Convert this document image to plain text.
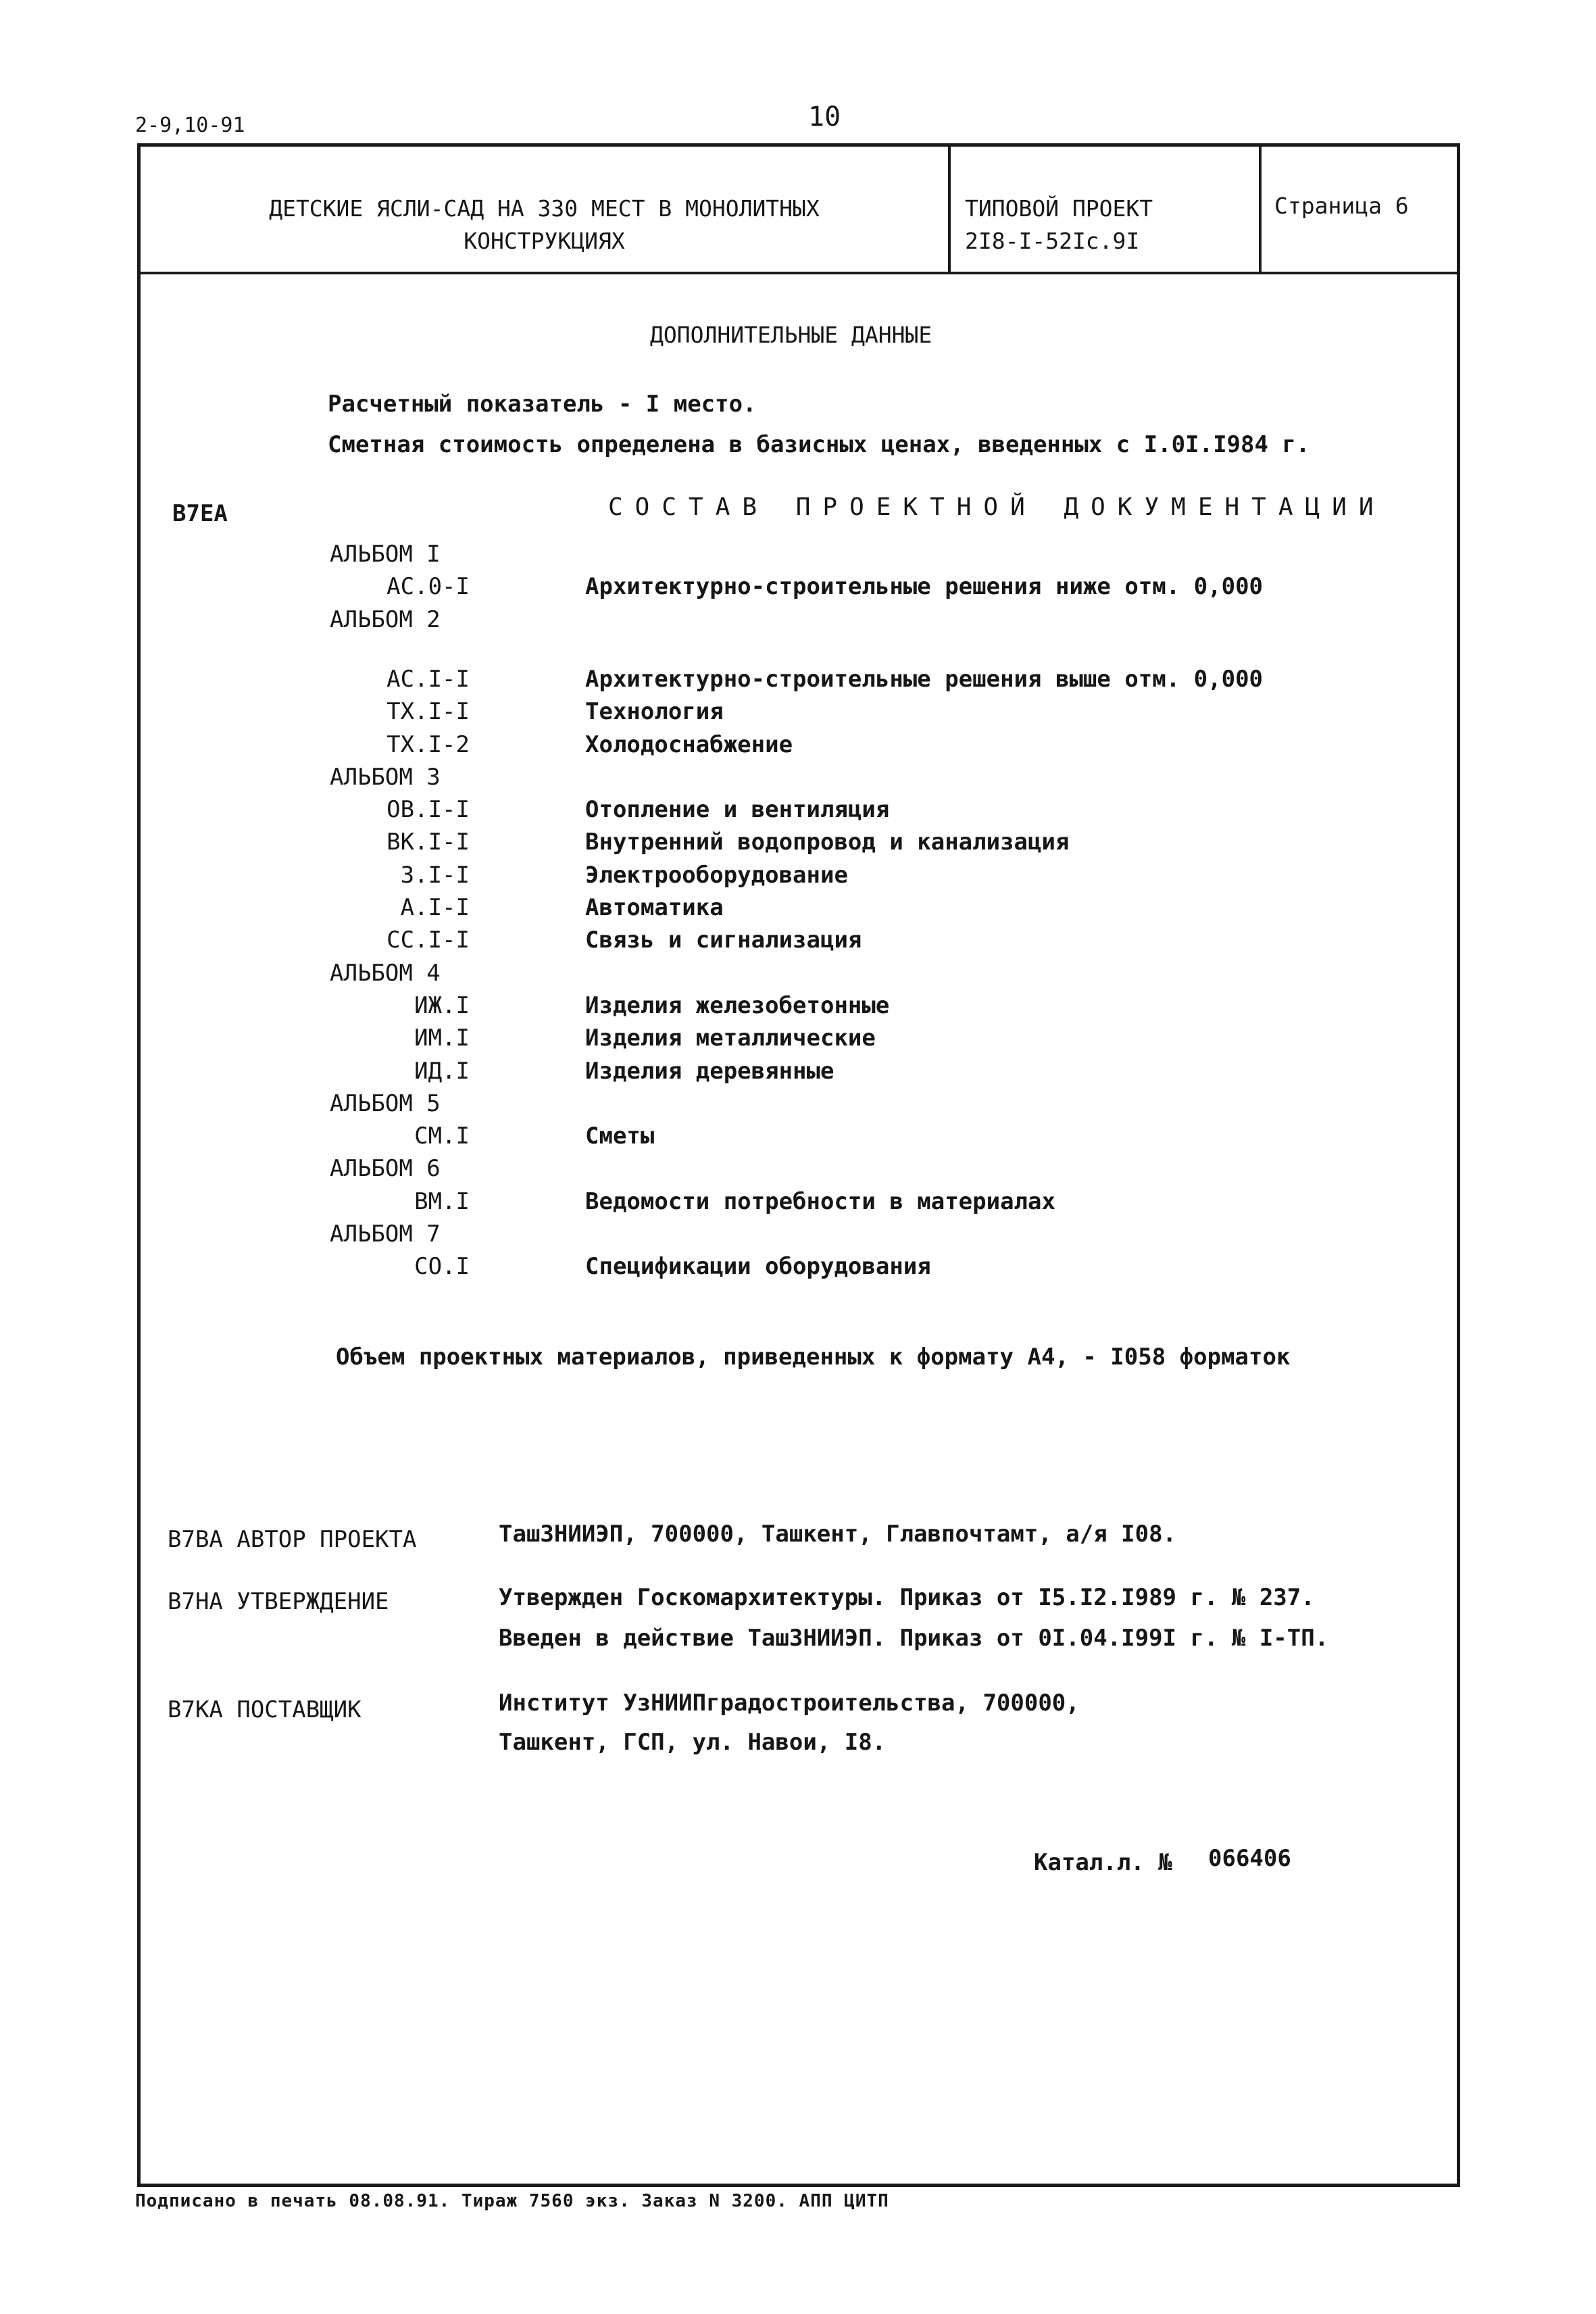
2-9,10-91	10
ДЕТСКИЕ ЯСЛИ-САД НА 330 МЕСТ В МОНОЛИТНЫХ
КОНСТРУКЦИЯХ
ТИПОВОЙ ПРОЕКТ
2I8-I-52Ic.9I
Страница 6
ДОПОЛНИТЕЛЬНЫЕ ДАННЫЕ
Расчетный показатель - I место.
Сметная стоимость определена в базисных ценах, введенных с I.0I.I984 г.
В7ЕА	СОСТАВ ПРОЕКТНОЙ ДОКУМЕНТАЦИИ
АЛЬБОМ I
АС.0-I	Архитектурно-строительные решения ниже отм. 0,000
АЛЬБОМ 2
АС.I-I	Архитектурно-строительные решения выше отм. 0,000
ТХ.I-I	Технология
ТХ.I-2	Холодоснабжение
АЛЬБОМ 3
ОВ.I-I	Отопление и вентиляция
ВК.I-I	Внутренний водопровод и канализация
З.I-I	Электрооборудование
А.I-I	Автоматика
СС.I-I	Связь и сигнализация
АЛЬБОМ 4
ИЖ.I	Изделия железобетонные
ИМ.I	Изделия металлические
ИД.I	Изделия деревянные
АЛЬБОМ 5
СМ.I	Сметы
АЛЬБОМ 6
ВМ.I	Ведомости потребности в материалах
АЛЬБОМ 7
СО.I	Спецификации оборудования
Объем проектных материалов, приведенных к формату А4, - I058 форматок
В7ВА АВТОР ПРОЕКТА	ТашЗНИИЭП, 700000, Ташкент, Главпочтамт, а/я I08.
В7НА УТВЕРЖДЕНИЕ	Утвержден Госкомархитектуры. Приказ от I5.I2.I989 г. № 237.
Введен в действие ТашЗНИИЭП. Приказ от 0I.04.I99I г. № I-ТП.
В7КА ПОСТАВЩИК	Институт УзНИИПградостроительства, 700000,
Ташкент, ГСП, ул. Навои, I8.
Катал.л. № 066406
Подписано в печать 08.08.91. Тираж 7560 экз. Заказ N 3200. АПП ЦИТП
